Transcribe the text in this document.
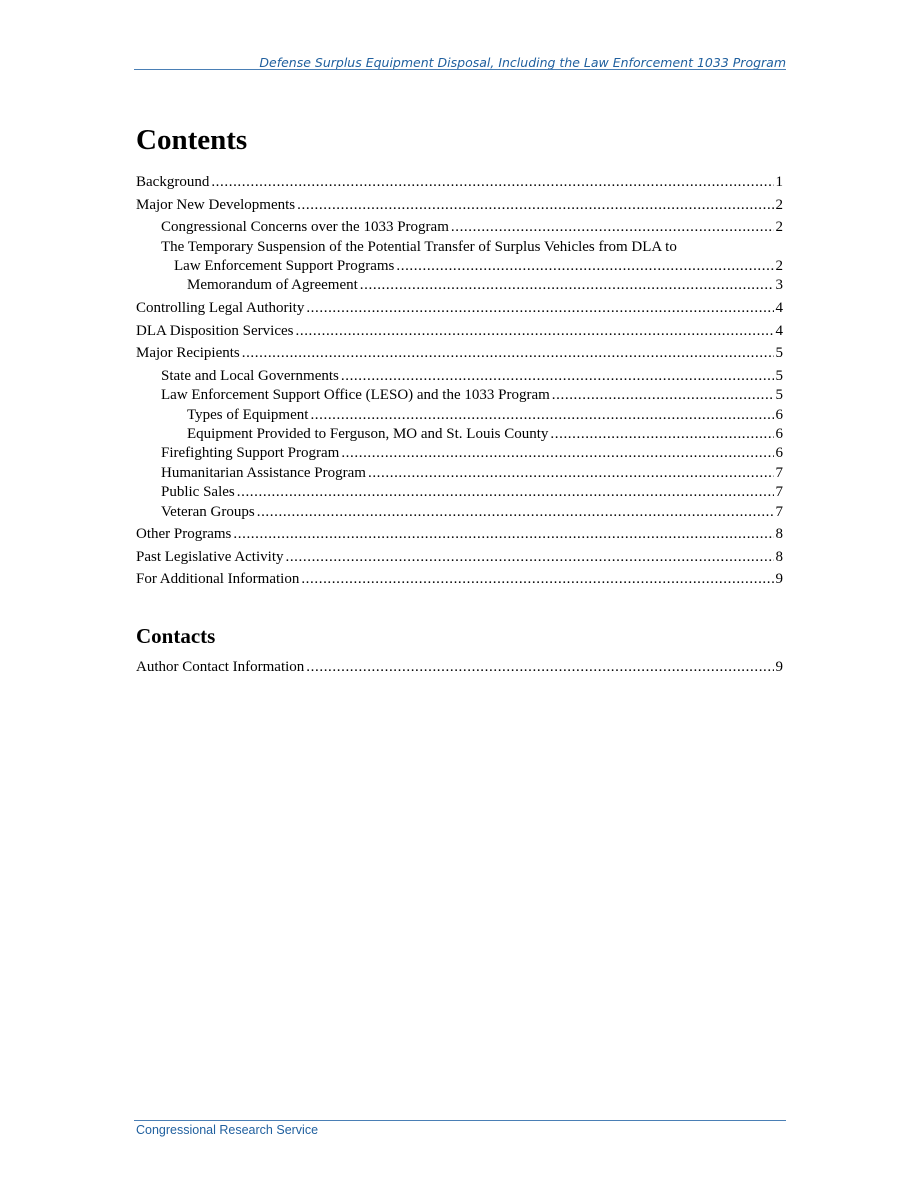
Defense Surplus Equipment Disposal, Including the Law Enforcement 1033 Program
Contents
Background .....	1
Major New Developments .....	2
Congressional Concerns over the 1033 Program .....	2
The Temporary Suspension of the Potential Transfer of Surplus Vehicles from DLA to
Law Enforcement Support Programs .....	2
Memorandum of Agreement .....	3
Controlling Legal Authority .....	4
DLA Disposition Services .....	4
Major Recipients .....	5
State and Local Governments .....	5
Law Enforcement Support Office (LESO) and the 1033 Program .....	5
Types of Equipment .....	6
Equipment Provided to Ferguson, MO and St. Louis County .....	6
Firefighting Support Program .....	6
Humanitarian Assistance Program .....	7
Public Sales .....	7
Veteran Groups .....	7
Other Programs .....	8
Past Legislative Activity .....	8
For Additional Information .....	9
Contacts
Author Contact Information .....	9
Congressional Research Service
